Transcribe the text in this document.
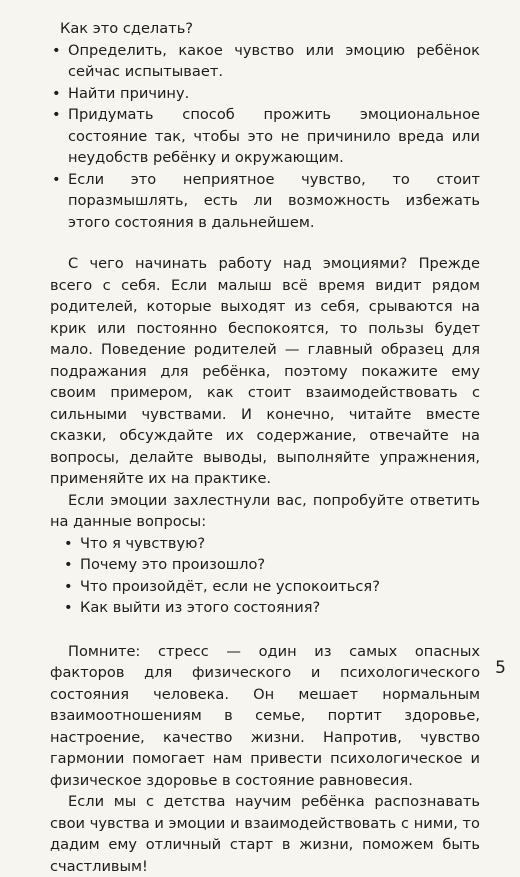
Как это сделать?

• Определить, какое чувство или эмоцию ребёнок сейчас испытывает.
• Найти причину.
• Придумать способ прожить эмоциональное состояние так, чтобы это не причинило вреда или неудобств ребёнку и окружающим.
• Если это неприятное чувство, то стоит поразмышлять, есть ли возможность избежать этого состояния в дальнейшем.

С чего начинать работу над эмоциями? Прежде всего с себя. Если малыш всё время видит рядом родителей, которые выходят из себя, срываются на крик или постоянно беспокоятся, то пользы будет мало. Поведение родителей — главный образец для подражания для ребёнка, поэтому покажите ему своим примером, как стоит взаимодействовать с сильными чувствами. И конечно, читайте вместе сказки, обсуждайте их содержание, отвечайте на вопросы, делайте выводы, выполняйте упражнения, применяйте их на практике.

Если эмоции захлестнули вас, попробуйте ответить на данные вопросы:

• Что я чувствую?
• Почему это произошло?
• Что произойдёт, если не успокоиться?
• Как выйти из этого состояния?

Помните: стресс — один из самых опасных факторов для физического и психологического состояния человека. Он мешает нормальным взаимоотношениям в семье, портит здоровье, настроение, качество жизни. Напротив, чувство гармонии помогает нам привести психологическое и физическое здоровье в состояние равновесия.

Если мы с детства научим ребёнка распознавать свои чувства и эмоции и взаимодействовать с ними, то дадим ему отличный старт в жизни, поможем быть счастливым!

5
